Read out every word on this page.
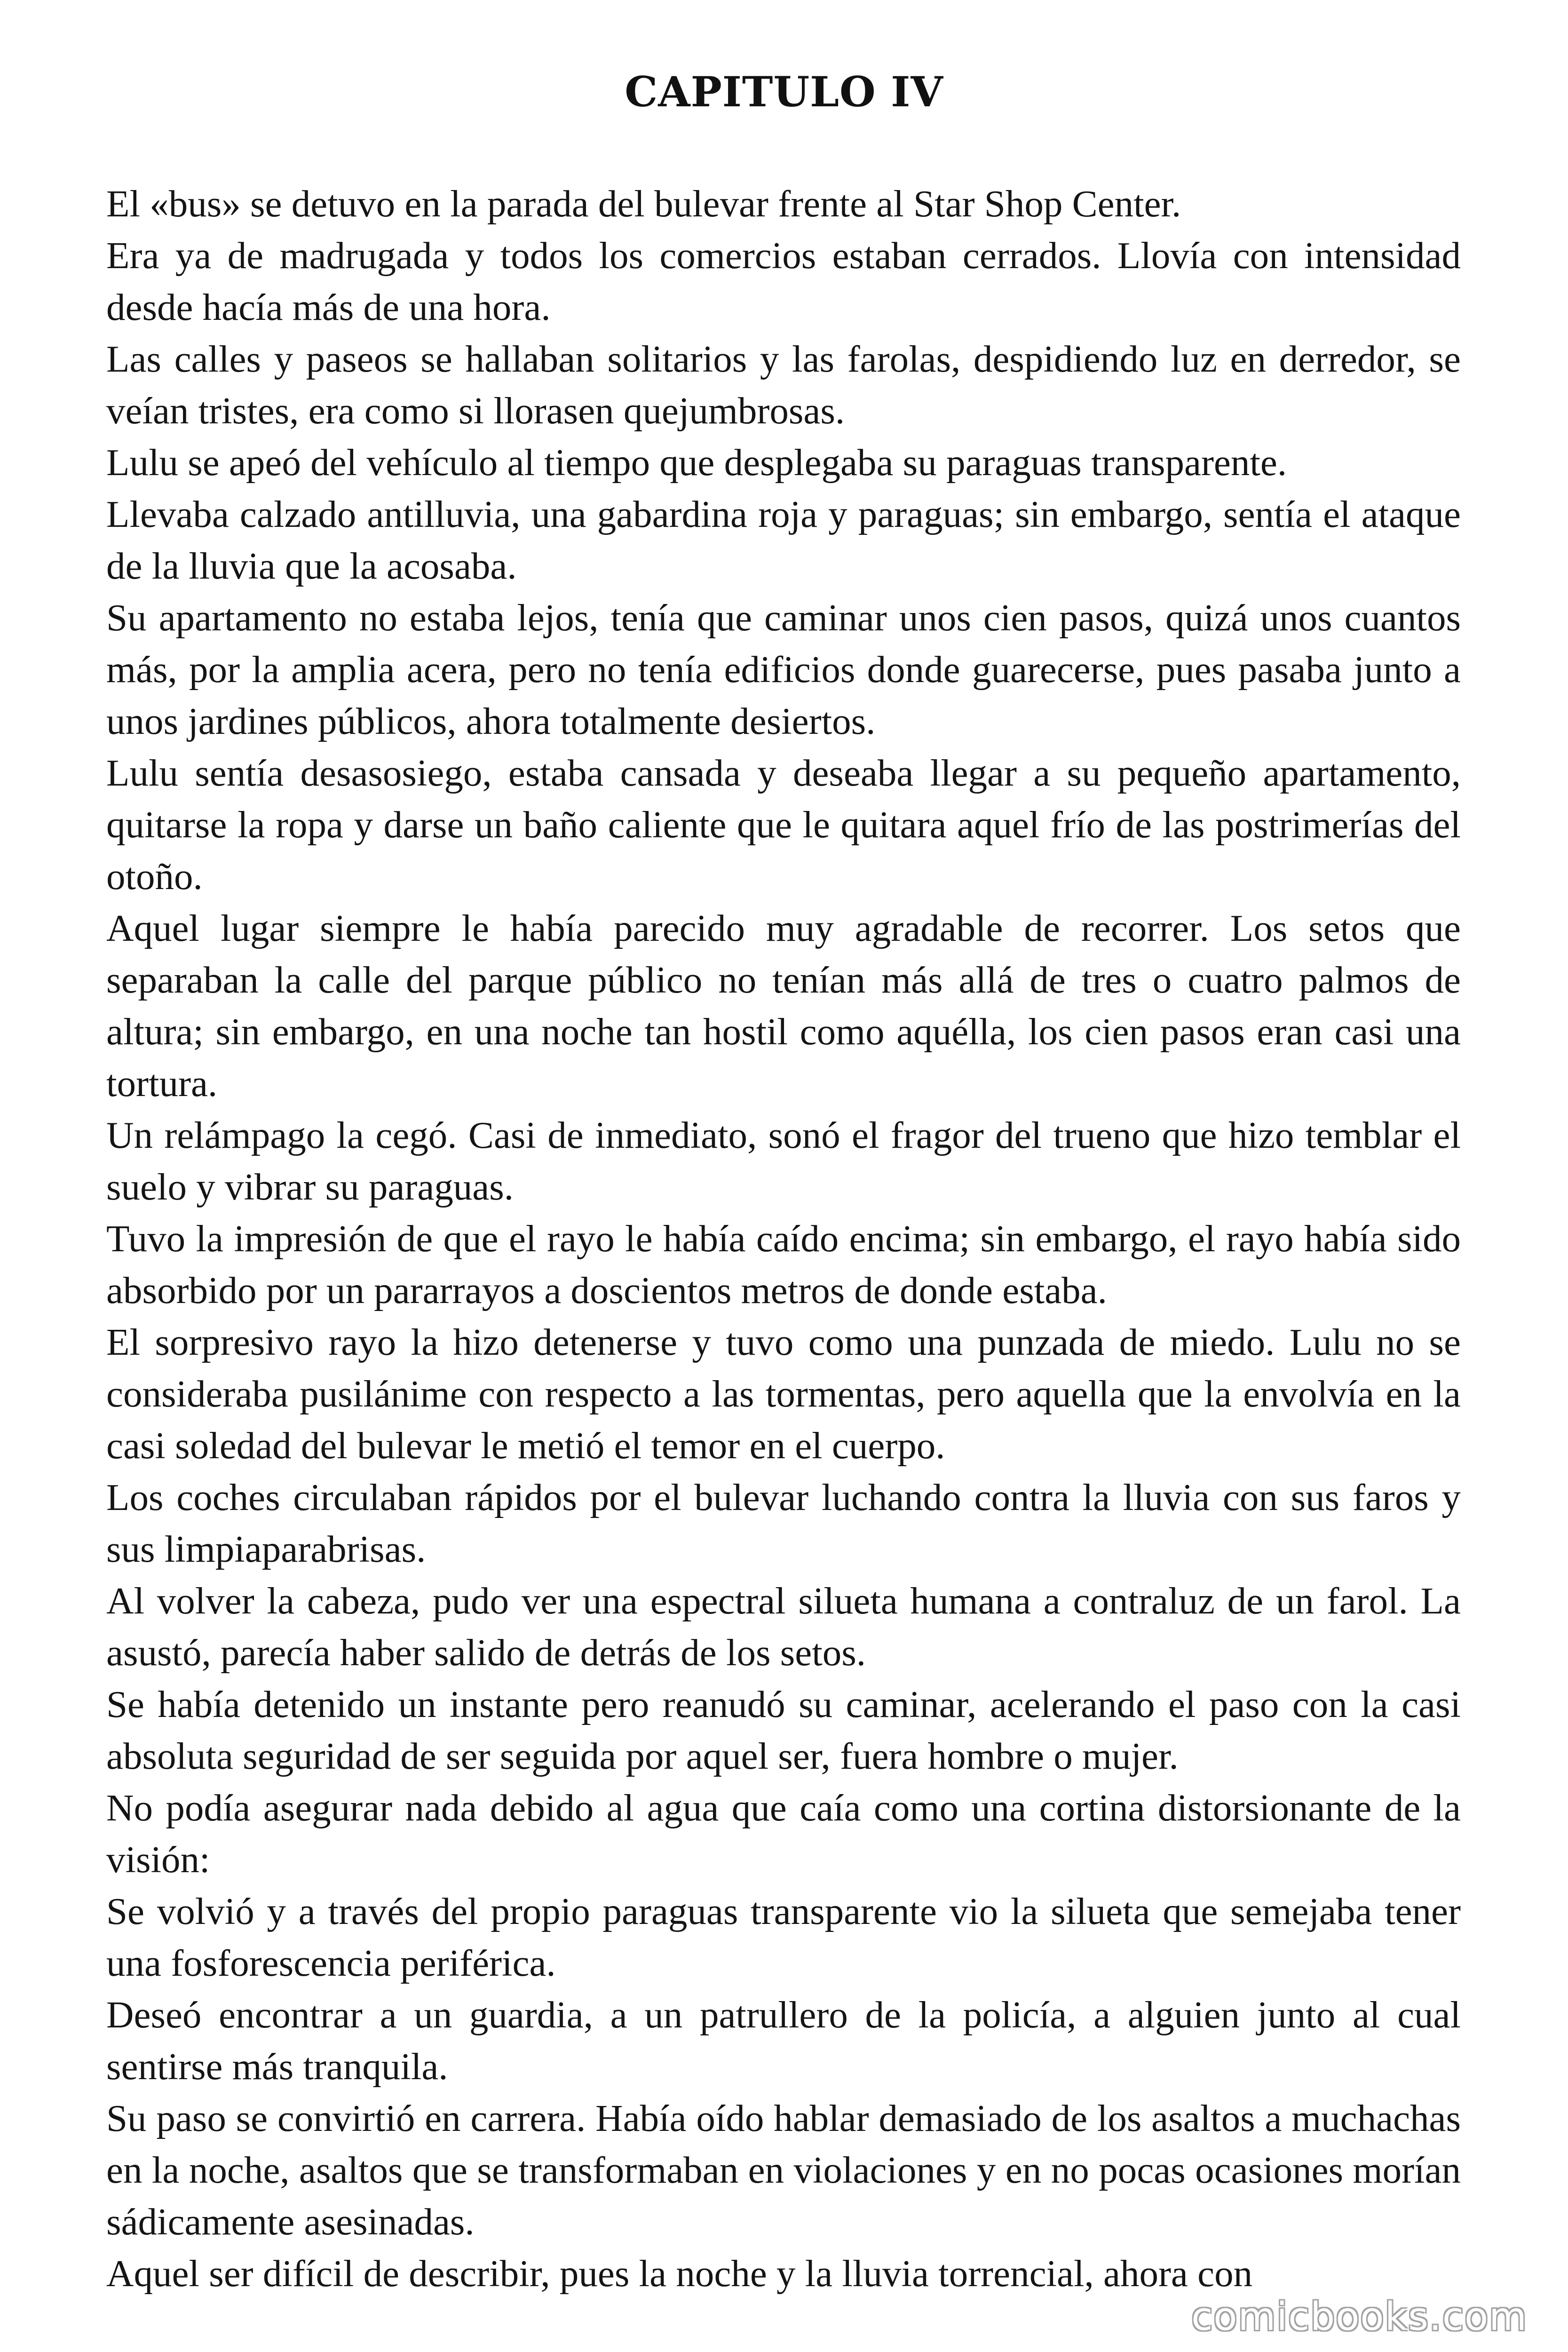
CAPITULO IV

El «bus» se detuvo en la parada del bulevar frente al Star Shop Center.

Era ya de madrugada y todos los comercios estaban cerrados. Llovía con intensidad desde hacía más de una hora.

Las calles y paseos se hallaban solitarios y las farolas, despidiendo luz en derredor, se veían tristes, era como si llorasen quejumbrosas.

Lulu se apeó del vehículo al tiempo que desplegaba su paraguas transparente.

Llevaba calzado antilluvia, una gabardina roja y paraguas; sin embargo, sentía el ataque de la lluvia que la acosaba.

Su apartamento no estaba lejos, tenía que caminar unos cien pasos, quizá unos cuantos más, por la amplia acera, pero no tenía edificios donde guarecerse, pues pasaba junto a unos jardines públicos, ahora totalmente desiertos.

Lulu sentía desasosiego, estaba cansada y deseaba llegar a su pequeño apartamento, quitarse la ropa y darse un baño caliente que le quitara aquel frío de las postrimerías del otoño.

Aquel lugar siempre le había parecido muy agradable de recorrer. Los setos que separaban la calle del parque público no tenían más allá de tres o cuatro palmos de altura; sin embargo, en una noche tan hostil como aquélla, los cien pasos eran casi una tortura.

Un relámpago la cegó. Casi de inmediato, sonó el fragor del trueno que hizo temblar el suelo y vibrar su paraguas.

Tuvo la impresión de que el rayo le había caído encima; sin embargo, el rayo había sido absorbido por un pararrayos a doscientos metros de donde estaba.

El sorpresivo rayo la hizo detenerse y tuvo como una punzada de miedo. Lulu no se consideraba pusilánime con respecto a las tormentas, pero aquella que la envolvía en la casi soledad del bulevar le metió el temor en el cuerpo.

Los coches circulaban rápidos por el bulevar luchando contra la lluvia con sus faros y sus limpiaparabrisas.

Al volver la cabeza, pudo ver una espectral silueta humana a contraluz de un farol. La asustó, parecía haber salido de detrás de los setos.

Se había detenido un instante pero reanudó su caminar, acelerando el paso con la casi absoluta seguridad de ser seguida por aquel ser, fuera hombre o mujer.

No podía asegurar nada debido al agua que caía como una cortina distorsionante de la visión:

Se volvió y a través del propio paraguas transparente vio la silueta que semejaba tener una fosforescencia periférica.

Deseó encontrar a un guardia, a un patrullero de la policía, a alguien junto al cual sentirse más tranquila.

Su paso se convirtió en carrera. Había oído hablar demasiado de los asaltos a muchachas en la noche, asaltos que se transformaban en violaciones y en no pocas ocasiones morían sádicamente asesinadas.

Aquel ser difícil de describir, pues la noche y la lluvia torrencial, ahora con

comicbooks.com
